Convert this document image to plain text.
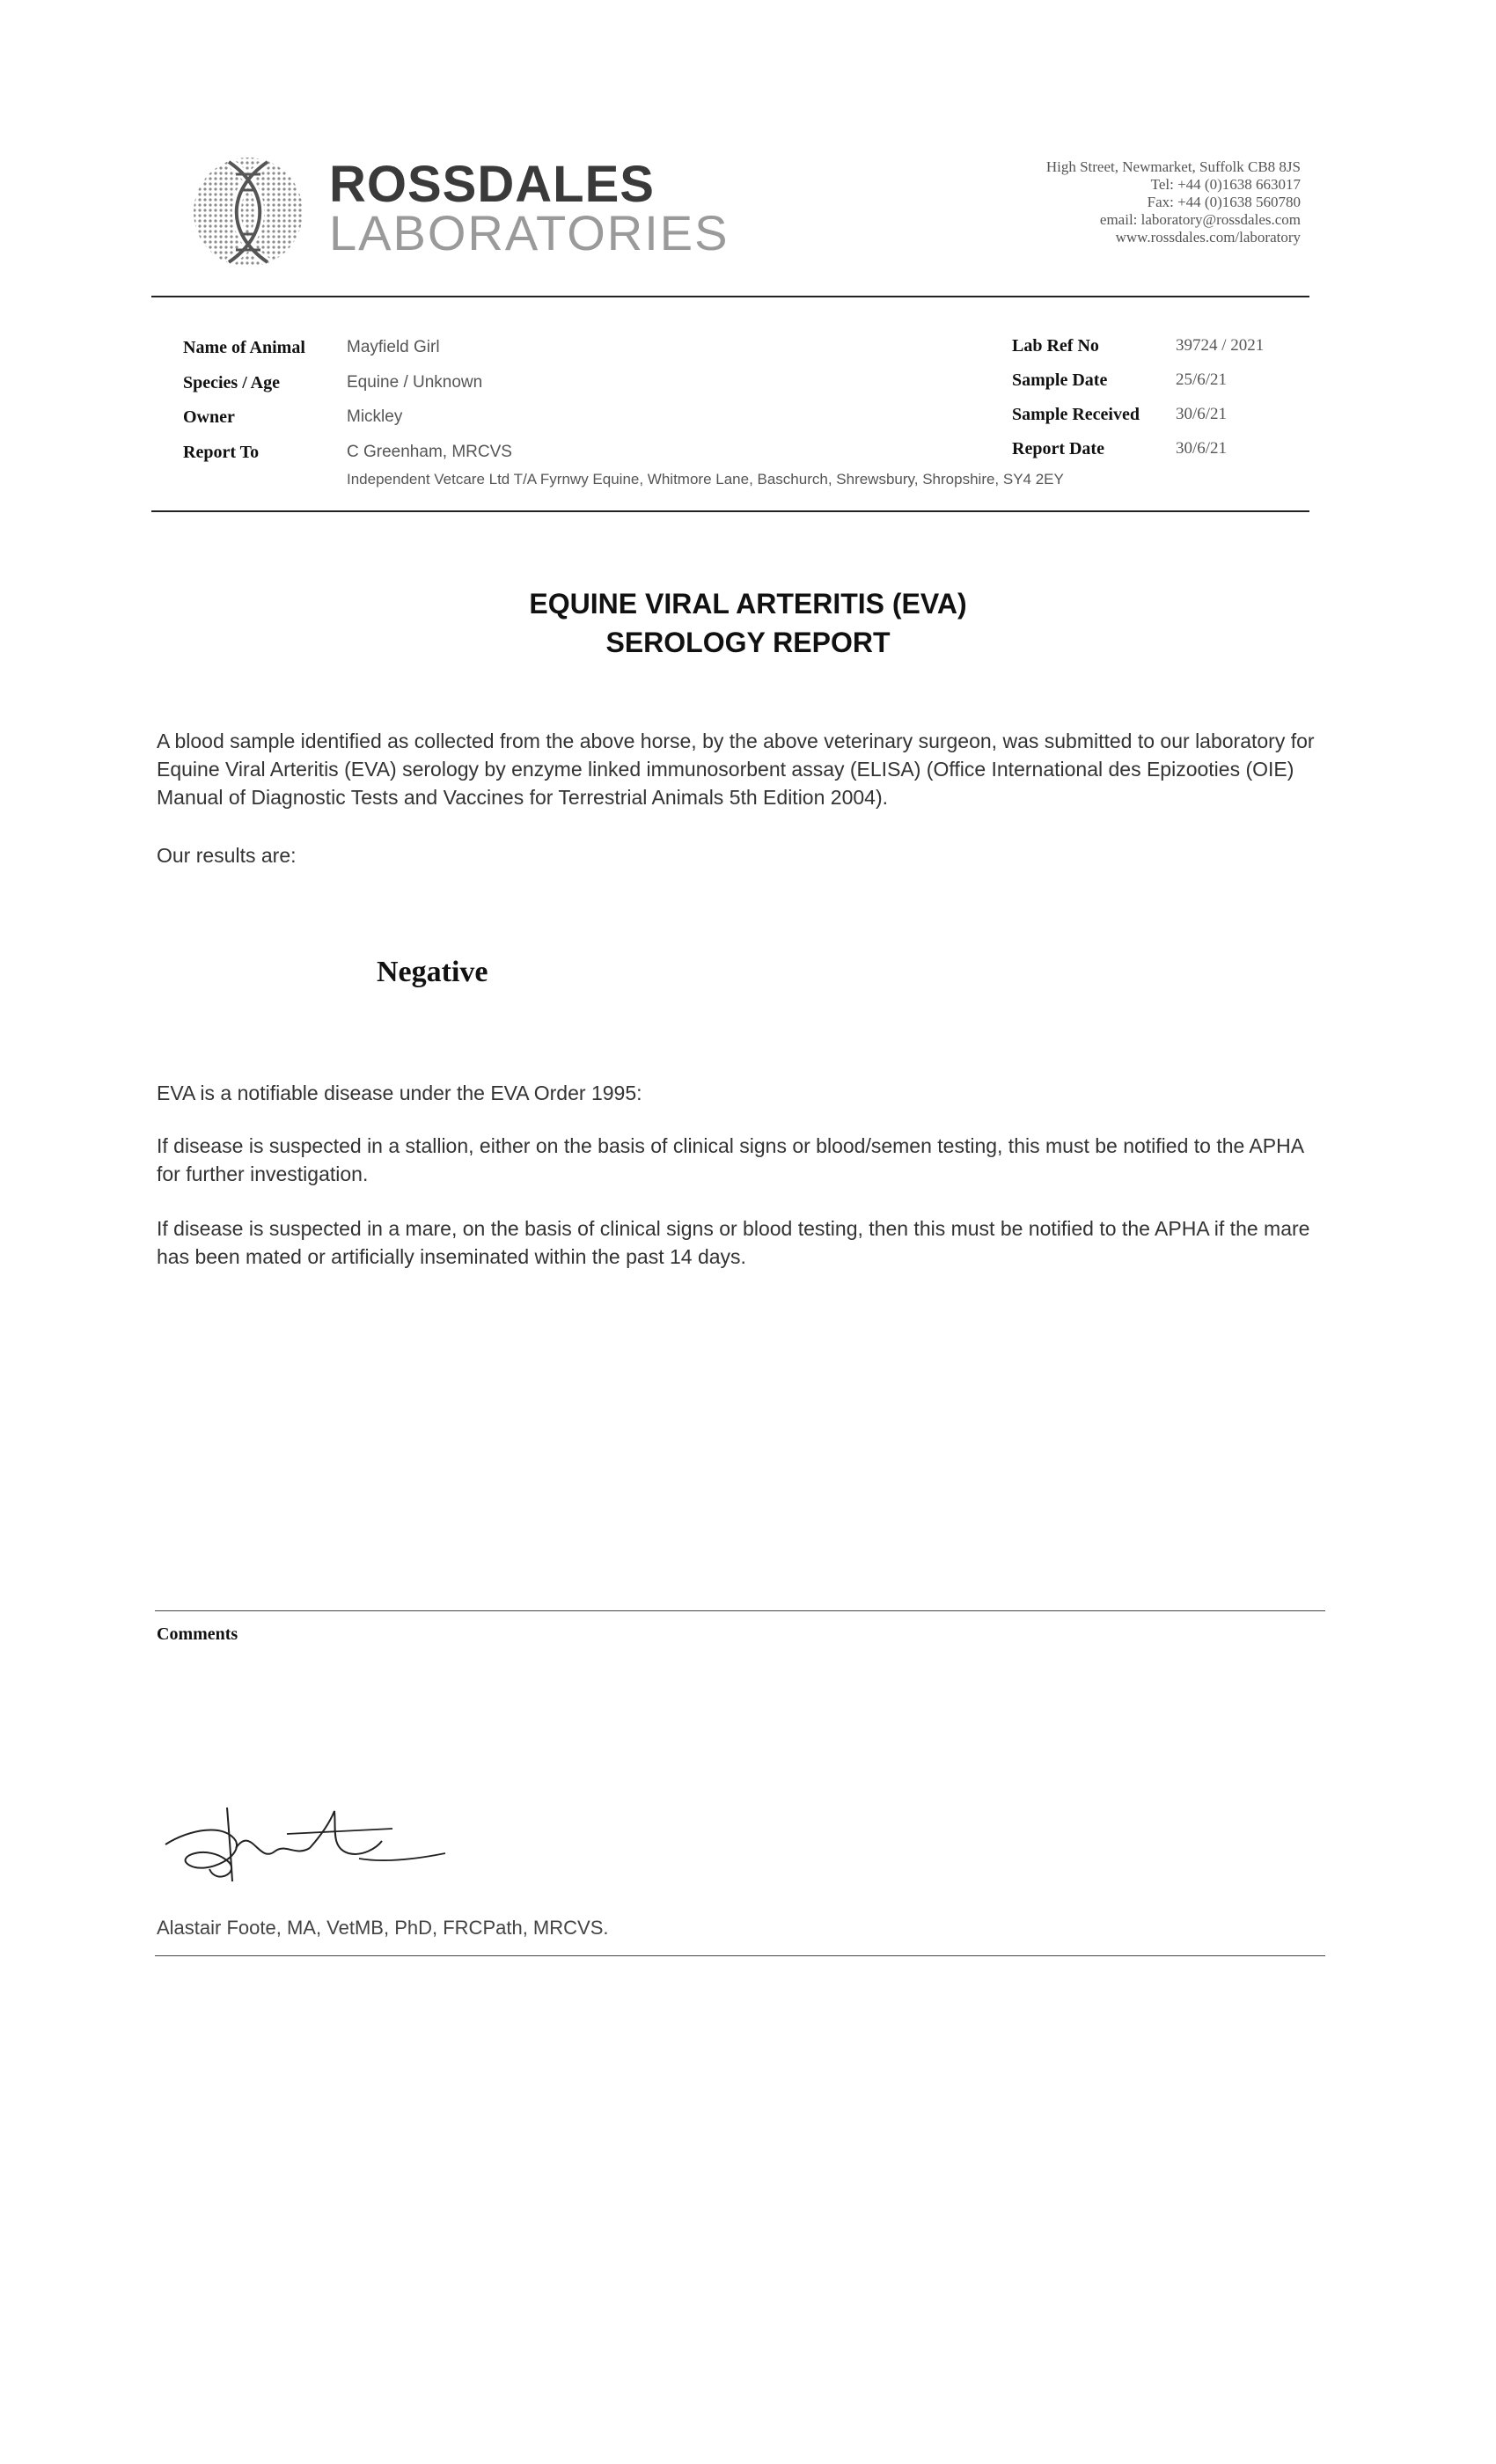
ROSSDALES
LABORATORIES
High Street, Newmarket, Suffolk CB8 8JS
Tel: +44 (0)1638 663017
Fax: +44 (0)1638 560780
email: laboratory@rossdales.com
www.rossdales.com/laboratory
Name of Animal Mayfield Girl
Species / Age	Equine / Unknown
Owner	Mickley
Report To	C Greenham, MRCVS
Independent Vetcare Ltd T/A Fyrnwy Equine, Whitmore Lane, Baschurch, Shrewsbury, Shropshire, SY4 2EY
Lab Ref No	39724 / 2021
Sample Date	25/6/21
Sample Received 30/6/21
Report Date	30/6/21
EQUINE VIRAL ARTERITIS (EVA)
SEROLOGY REPORT
A blood sample identified as collected from the above horse, by the above veterinary surgeon, was submitted to our laboratory for Equine Viral Arteritis (EVA) serology by enzyme linked immunosorbent assay (ELISA) (Office International des Epizooties (OIE) Manual of Diagnostic Tests and Vaccines for Terrestrial Animals 5th Edition 2004).
Our results are:
Negative
EVA is a notifiable disease under the EVA Order 1995:
If disease is suspected in a stallion, either on the basis of clinical signs or blood/semen testing, this must be notified to the APHA for further investigation.
If disease is suspected in a mare, on the basis of clinical signs or blood testing, then this must be notified to the APHA if the mare has been mated or artificially inseminated within the past 14 days.
Comments
Alastair Foote, MA, VetMB, PhD, FRCPath, MRCVS.
